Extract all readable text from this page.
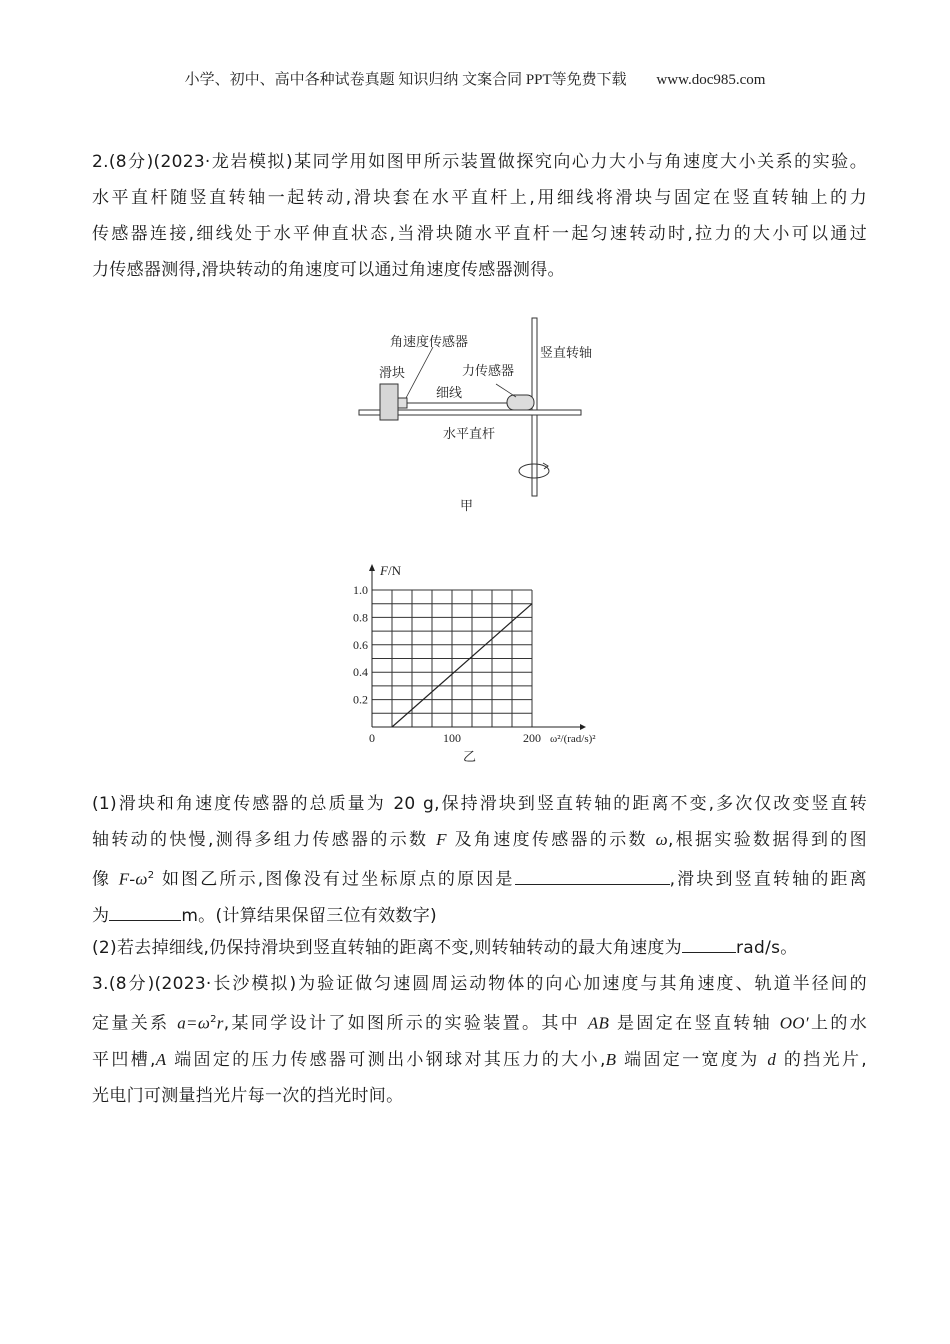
小学、初中、高中各种试卷真题 知识归纳 文案合同 PPT等免费下载 www.doc985.com

2.(8分)(2023·龙岩模拟)某同学用如图甲所示装置做探究向心力大小与角速度大小关系的实验。

水平直杆随竖直转轴一起转动,滑块套在水平直杆上,用细线将滑块与固定在竖直转轴上的力

传感器连接,细线处于水平伸直状态,当滑块随水平直杆一起匀速转动时,拉力的大小可以通过

力传感器测得,滑块转动的角速度可以通过角速度传感器测得。

角速度传感器
滑块	力传感器
细线
竖直转轴
水平直杆
甲
0.2
0.4
0.6
0.8
1.0
0	100	200
F/N
ω²/(rad/s)²
乙

(1)滑块和角速度传感器的总质量为 20 g,保持滑块到竖直转轴的距离不变,多次仅改变竖直转

轴转动的快慢,测得多组力传感器的示数 F 及角速度传感器的示数 ω,根据实验数据得到的图

像 $F-\omega^2$ 如图乙所示,图像没有过坐标原点的原因是	,滑块到竖直转轴的距离

为	m。(计算结果保留三位有效数字)

(2)若去掉细线,仍保持滑块到竖直转轴的距离不变,则转轴转动的最大角速度为	rad/s。

3.(8分)(2023·长沙模拟)为验证做匀速圆周运动物体的向心加速度与其角速度、轨道半径间的

定量关系 $a=\omega^2r$,某同学设计了如图所示的实验装置。其中 AB 是固定在竖直转轴 OO′上的水

平凹槽,A 端固定的压力传感器可测出小钢球对其压力的大小,B 端固定一宽度为 d 的挡光片,

光电门可测量挡光片每一次的挡光时间。
